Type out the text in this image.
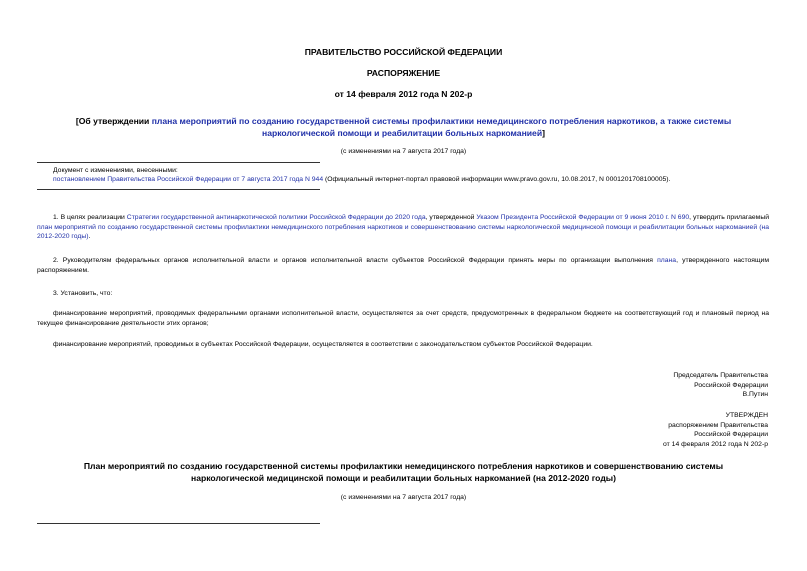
ПРАВИТЕЛЬСТВО РОССИЙСКОЙ ФЕДЕРАЦИИ
РАСПОРЯЖЕНИЕ
от 14 февраля 2012 года N 202-р
[Об утверждении плана мероприятий по созданию государственной системы профилактики немедицинского потребления наркотиков, а также системы наркологической помощи и реабилитации больных наркоманией]
(с изменениями на 7 августа 2017 года)
Документ с изменениями, внесенными:
постановлением Правительства Российской Федерации от 7 августа 2017 года N 944 (Официальный интернет-портал правовой информации www.pravo.gov.ru, 10.08.2017, N 0001201708100005).
1. В целях реализации Стратегии государственной антинаркотической политики Российской Федерации до 2020 года, утвержденной Указом Президента Российской Федерации от 9 июня 2010 г. N 690, утвердить прилагаемый план мероприятий по созданию государственной системы профилактики немедицинского потребления наркотиков и совершенствованию системы наркологической медицинской помощи и реабилитации больных наркоманией (на 2012-2020 годы).
2. Руководителям федеральных органов исполнительной власти и органов исполнительной власти субъектов Российской Федерации принять меры по организации выполнения плана, утвержденного настоящим распоряжением.
3. Установить, что:
финансирование мероприятий, проводимых федеральными органами исполнительной власти, осуществляется за счет средств, предусмотренных в федеральном бюджете на соответствующий год и плановый период на текущее финансирование деятельности этих органов;
финансирование мероприятий, проводимых в субъектах Российской Федерации, осуществляется в соответствии с законодательством субъектов Российской Федерации.
Председатель Правительства
Российской Федерации
В.Путин
УТВЕРЖДЕН
распоряжением Правительства
Российской Федерации
от 14 февраля 2012 года N 202-р
План мероприятий по созданию государственной системы профилактики немедицинского потребления наркотиков и совершенствованию системы наркологической медицинской помощи и реабилитации больных наркоманией (на 2012-2020 годы)
(с изменениями на 7 августа 2017 года)
